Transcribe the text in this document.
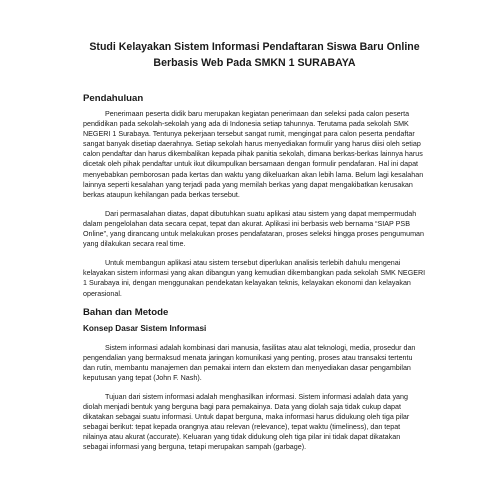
Studi Kelayakan Sistem Informasi Pendaftaran Siswa Baru Online
Berbasis Web Pada SMKN 1 SURABAYA
Pendahuluan

Penerimaan peserta didik baru merupakan kegiatan penerimaan dan seleksi pada calon peserta pendidikan pada sekolah-sekolah yang ada di Indonesia setiap tahunnya. Terutama pada sekolah SMK NEGERI 1 Surabaya. Tentunya pekerjaan tersebut sangat rumit, mengingat para calon peserta pendaftar sangat banyak disetiap daerahnya. Setiap sekolah harus menyediakan formulir yang harus diisi oleh setiap calon pendaftar dan harus dikembalikan kepada pihak panitia sekolah, dimana berkas-berkas lainnya harus dicetak oleh pihak pendaftar untuk ikut dikumpulkan bersamaan dengan formulir pendafaran. Hal ini dapat menyebabkan pemborosan pada kertas dan waktu yang dikeluarkan akan lebih lama. Belum lagi kesalahan lainnya seperti kesalahan yang terjadi pada yang memilah berkas yang dapat mengakibatkan kerusakan berkas ataupun kehilangan pada berkas tersebut.

Dari permasalahan diatas, dapat dibutuhkan suatu aplikasi atau sistem yang dapat mempermudah dalam pengelolahan data secara cepat, tepat dan akurat. Aplikasi ini berbasis web bernama “SIAP PSB Online”, yang dirancang untuk melakukan proses pendafataran, proses seleksi hingga proses pengumuman yang dilakukan secara real time.

Untuk membangun aplikasi atau sistem tersebut diperlukan analisis terlebih dahulu mengenai kelayakan sistem informasi yang akan dibangun yang kemudian dikembangkan pada sekolah SMK NEGERI 1 Surabaya ini, dengan menggunakan pendekatan kelayakan teknis, kelayakan ekonomi dan kelayakan operasional.

Bahan dan Metode
Konsep Dasar Sistem Informasi

Sistem informasi adalah kombinasi dari manusia, fasilitas atau alat teknologi, media, prosedur dan pengendalian yang bermaksud menata jaringan komunikasi yang penting, proses atau transaksi tertentu dan rutin, membantu manajemen dan pemakai intern dan ekstern dan menyediakan dasar pengambilan keputusan yang tepat (John F. Nash).

Tujuan dari sistem informasi adalah menghasilkan informasi. Sistem informasi adalah data yang diolah menjadi bentuk yang berguna bagi para pemakainya. Data yang diolah saja tidak cukup dapat dikatakan sebagai suatu informasi. Untuk dapat berguna, maka informasi harus didukung oleh tiga pilar sebagai berikut: tepat kepada orangnya atau relevan (relevance), tepat waktu (timeliness), dan tepat nilainya atau akurat (accurate). Keluaran yang tidak didukung oleh tiga pilar ini tidak dapat dikatakan sebagai informasi yang berguna, tetapi merupakan sampah (garbage).
